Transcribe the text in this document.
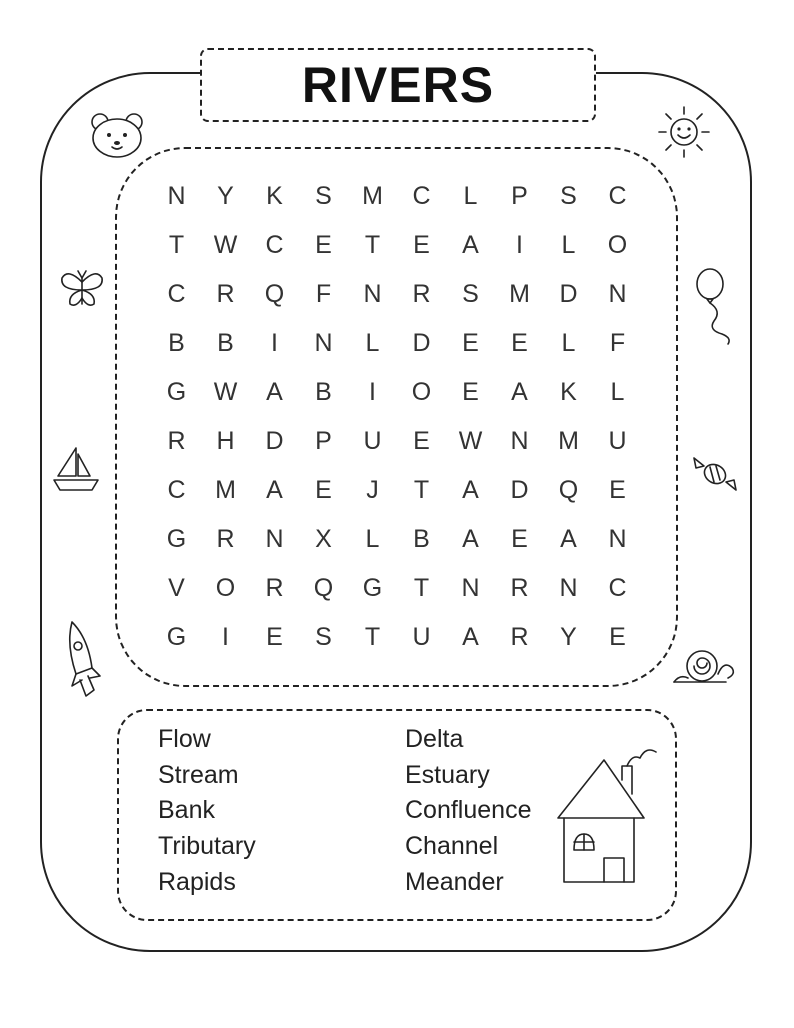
RIVERS
N	Y	K	S	M	C	L	P	S	C
T	W	C	E	T	E	A	I	L	O
C	R	Q	F	N	R	S	M	D	N
B	B	I	N	L	D	E	E	L	F
G	W	A	B	I	O	E	A	K	L
R	H	D	P	U	E	W	N	M	U
C	M	A	E	J	T	A	D	Q	E
G	R	N	X	L	B	A	E	A	N
V	O	R	Q	G	T	N	R	N	C
G	I	E	S	T	U	A	R	Y	E
Flow
Stream
Bank
Tributary
Rapids
Delta
Estuary
Confluence
Channel
Meander
